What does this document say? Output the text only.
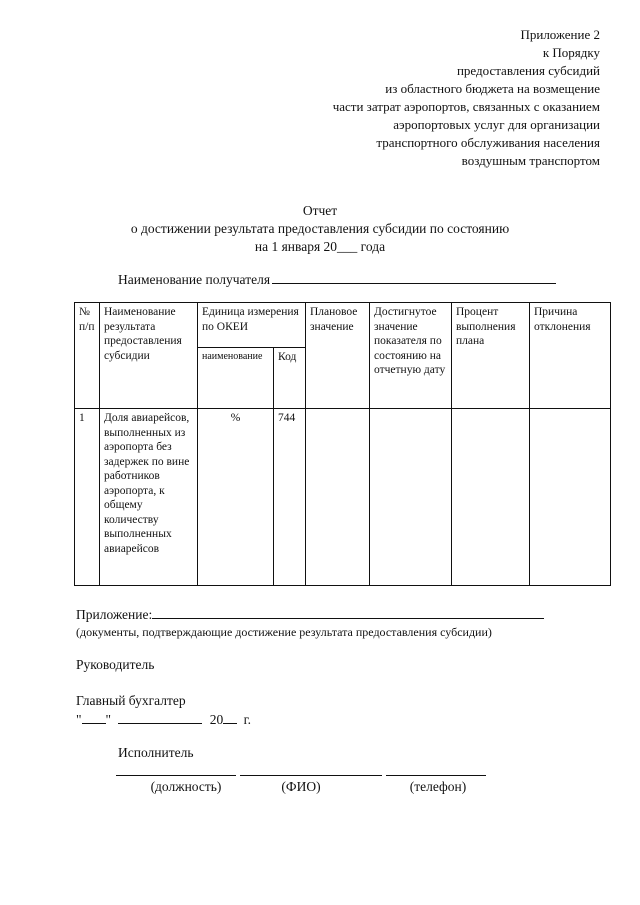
Приложение 2
к Порядку
предоставления субсидий
из областного бюджета на возмещение
части затрат аэропортов, связанных с оказанием
аэропортовых услуг для организации
транспортного обслуживания населения
воздушным транспортом
Отчет
о достижении результата предоставления субсидии по состоянию
на 1 января 20___ года
Наименование получателя
№ п/п	Наименование результата предоставления субсидии	Единица измерения по ОКЕИ		Плановое значение	Достигнутое значение показателя по состоянию на отчетную дату	Процент выполнения плана	Причина отклонения
		наименование	Код				
1	Доля авиарейсов, выполненных из аэропорта без задержек по вине работников аэропорта, к общему количеству выполненных авиарейсов	%	744				
Приложение:
(документы, подтверждающие достижение результата предоставления субсидии)
Руководитель
Главный бухгалтер
" "	20 г.
Исполнитель
(должность)	(ФИО)	(телефон)
